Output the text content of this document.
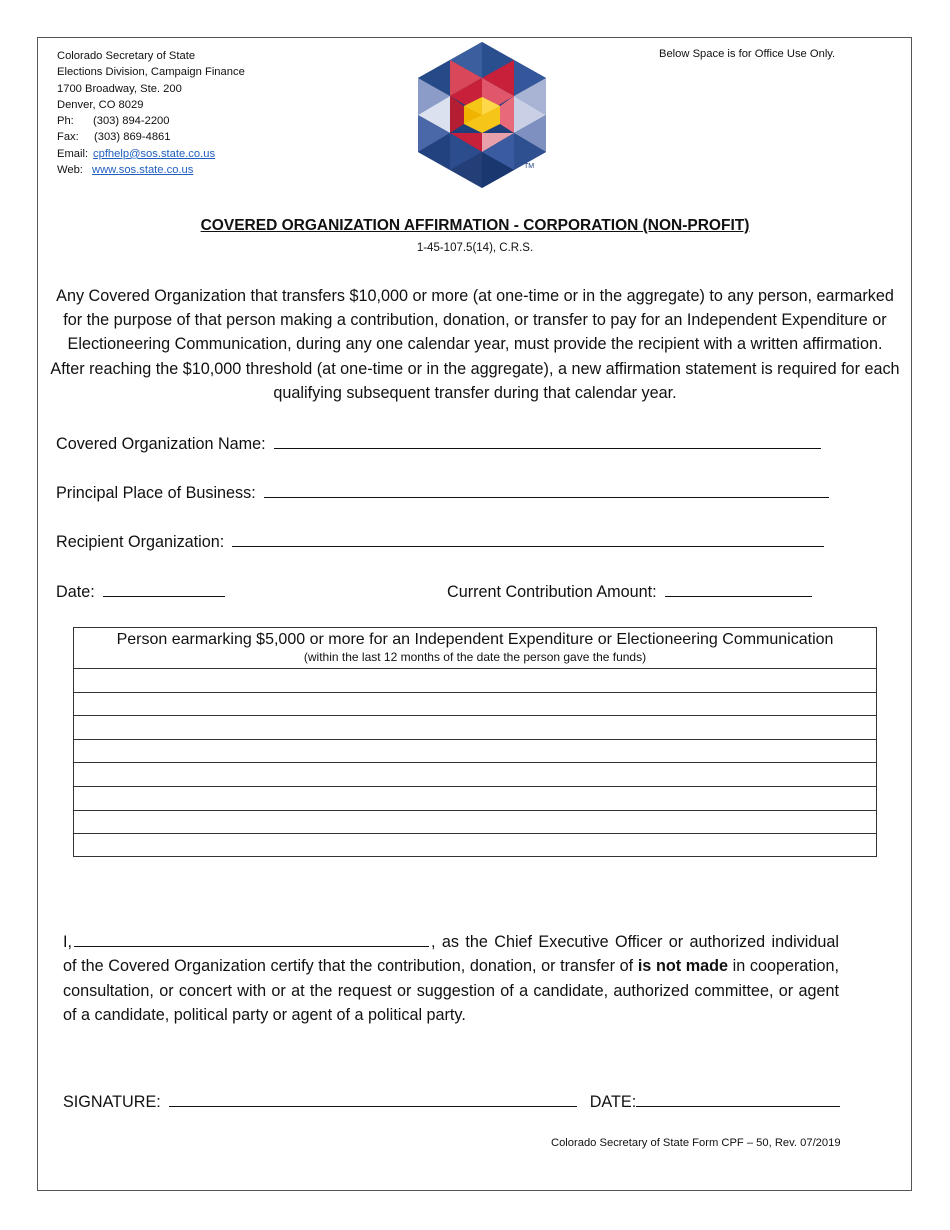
Colorado Secretary of State
Elections Division, Campaign Finance
1700 Broadway, Ste. 200
Denver, CO 8029
Ph: (303) 894-2200
Fax: (303) 869-4861
Email: cpfhelp@sos.state.co.us
Web: www.sos.state.co.us	TM
Below Space is for Office Use Only.
COVERED ORGANIZATION AFFIRMATION - CORPORATION (NON-PROFIT)
1-45-107.5(14), C.R.S.
Any Covered Organization that transfers $10,000 or more (at one-time or in the aggregate) to any person, earmarked for the purpose of that person making a contribution, donation, or transfer to pay for an Independent Expenditure or Electioneering Communication, during any one calendar year, must provide the recipient with a written affirmation. After reaching the $10,000 threshold (at one-time or in the aggregate), a new affirmation statement is required for each qualifying subsequent transfer during that calendar year.
Covered Organization Name:
Principal Place of Business:
Recipient Organization:
Date:	Current Contribution Amount:
Person earmarking $5,000 or more for an Independent Expenditure or Electioneering Communication
(within the last 12 months of the date the person gave the funds)
I,	, as the Chief Executive Officer or authorized individual of the Covered Organization certify that the contribution, donation, or transfer of is not made in cooperation, consultation, or concert with or at the request or suggestion of a candidate, authorized committee, or agent of a candidate, political party or agent of a political party.
SIGNATURE:	DATE:
Colorado Secretary of State Form CPF – 50, Rev. 07/2019
